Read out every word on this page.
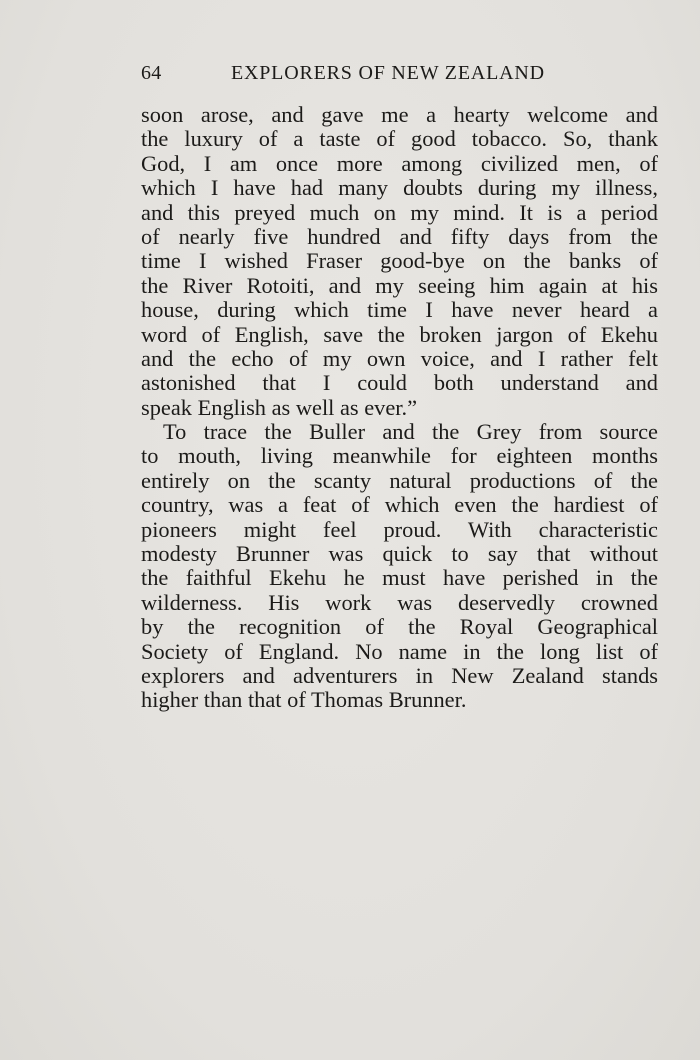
64	EXPLORERS OF NEW ZEALAND
soon arose, and gave me a hearty welcome and
the luxury of a taste of good tobacco. So, thank
God, I am once more among civilized men, of
which I have had many doubts during my illness,
and this preyed much on my mind. It is a period
of nearly five hundred and fifty days from the
time I wished Fraser good-bye on the banks of
the River Rotoiti, and my seeing him again at his
house, during which time I have never heard a
word of English, save the broken jargon of Ekehu
and the echo of my own voice, and I rather felt
astonished that I could both understand and
speak English as well as ever.”
To trace the Buller and the Grey from source
to mouth, living meanwhile for eighteen months
entirely on the scanty natural productions of the
country, was a feat of which even the hardiest of
pioneers might feel proud. With characteristic
modesty Brunner was quick to say that without
the faithful Ekehu he must have perished in the
wilderness. His work was deservedly crowned
by the recognition of the Royal Geographical
Society of England. No name in the long list of
explorers and adventurers in New Zealand stands
higher than that of Thomas Brunner.
